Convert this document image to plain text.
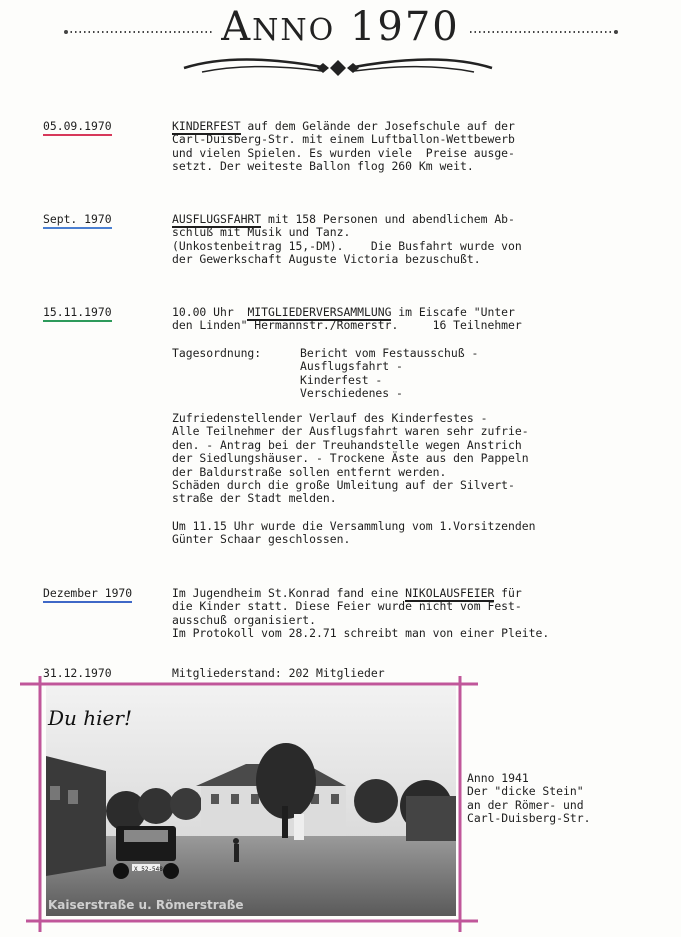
ANNO 1970
05.09.1970	KINDERFEST auf dem Gelände der Josefschule auf der
Carl-Duisberg-Str. mit einem Luftballon-Wettbewerb
und vielen Spielen. Es wurden viele  Preise ausge-
setzt. Der weiteste Ballon flog 260 Km weit.
Sept. 1970	AUSFLUGSFAHRT mit 158 Personen und abendlichem Ab-
schluß mit Musik und Tanz.
(Unkostenbeitrag 15,-DM).    Die Busfahrt wurde von
der Gewerkschaft Auguste Victoria bezuschußt.
15.11.1970	10.00 Uhr  MITGLIEDERVERSAMMLUNG im Eiscafe "Unter
den Linden" Hermannstr./Römerstr.     16 Teilnehmer
Tagesordnung:	Bericht vom Festausschuß -
Ausflugsfahrt -
Kinderfest -
Verschiedenes -
Zufriedenstellender Verlauf des Kinderfestes -
Alle Teilnehmer der Ausflugsfahrt waren sehr zufrie-
den. - Antrag bei der Treuhandstelle wegen Anstrich
der Siedlungshäuser. - Trockene Äste aus den Pappeln
der Baldurstraße sollen entfernt werden.
Schäden durch die große Umleitung auf der Silvert-
straße der Stadt melden.
Um 11.15 Uhr wurde die Versammlung vom 1.Vorsitzenden
Günter Schaar geschlossen.
Dezember 1970	Im Jugendheim St.Konrad fand eine NIKOLAUSFEIER für
die Kinder statt. Diese Feier wurde nicht vom Fest-
ausschuß organisiert.
Im Protokoll vom 28.2.71 schreibt man von einer Pleite.
31.12.1970	Mitgliederstand: 202 Mitglieder
Du hier!
X 52-548
Kaiserstraße u. Römerstraße
Anno 1941
Der "dicke Stein"
an der Römer- und
Carl-Duisberg-Str.
